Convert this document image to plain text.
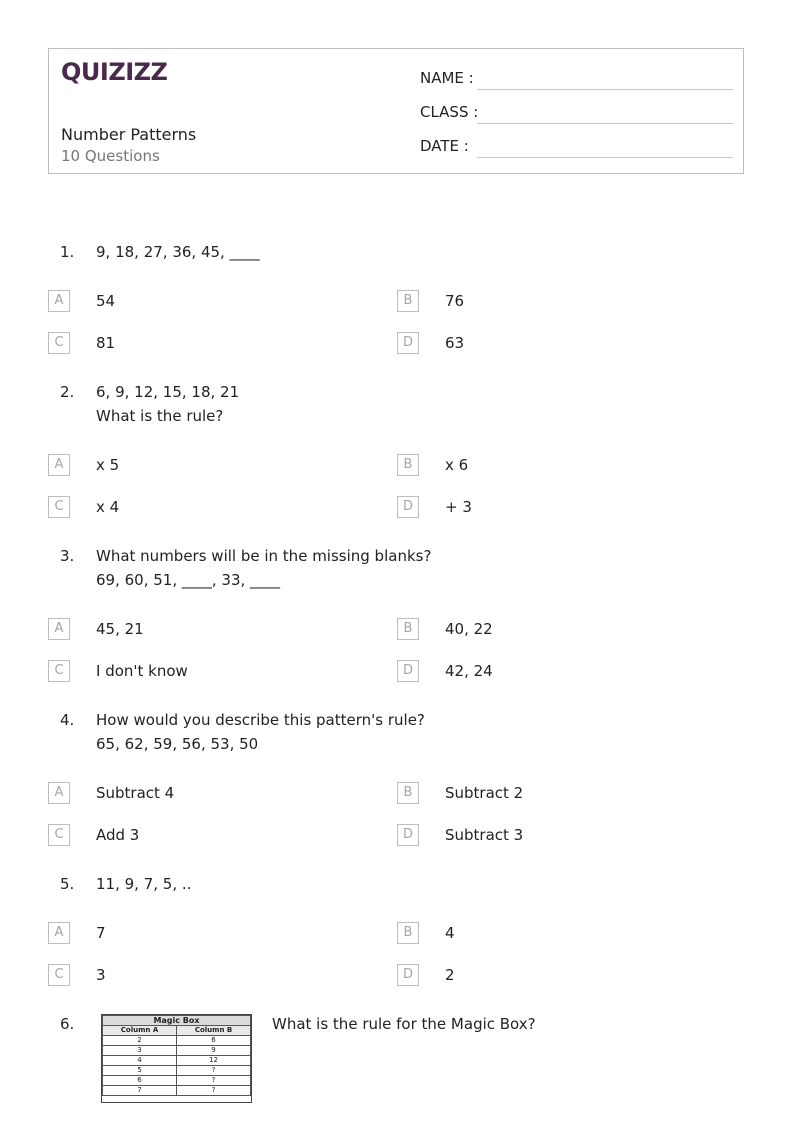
QUIZIZZ
Number Patterns
10 Questions
NAME :
CLASS :
DATE :
1. 9, 18, 27, 36, 45, ____
A	54	B	76
C	81	D	63
2. 6, 9, 12, 15, 18, 21
What is the rule?
A	x 5	B	x 6
C	x 4	D	+ 3
3. What numbers will be in the missing blanks?
69, 60, 51, ____, 33, ____
A	45, 21	B	40, 22
C	I don't know	D	42, 24
4. How would you describe this pattern's rule?
65, 62, 59, 56, 53, 50
A	Subtract 4	B	Subtract 2
C	Add 3	D	Subtract 3
5. 11, 9, 7, 5, ..
A	7	B	4
C	3	D	2
6.	Magic Box	
Column A	Column B
2	6
3	9
4	12
5	?
6	?
7	?
What is the rule for the Magic Box?
